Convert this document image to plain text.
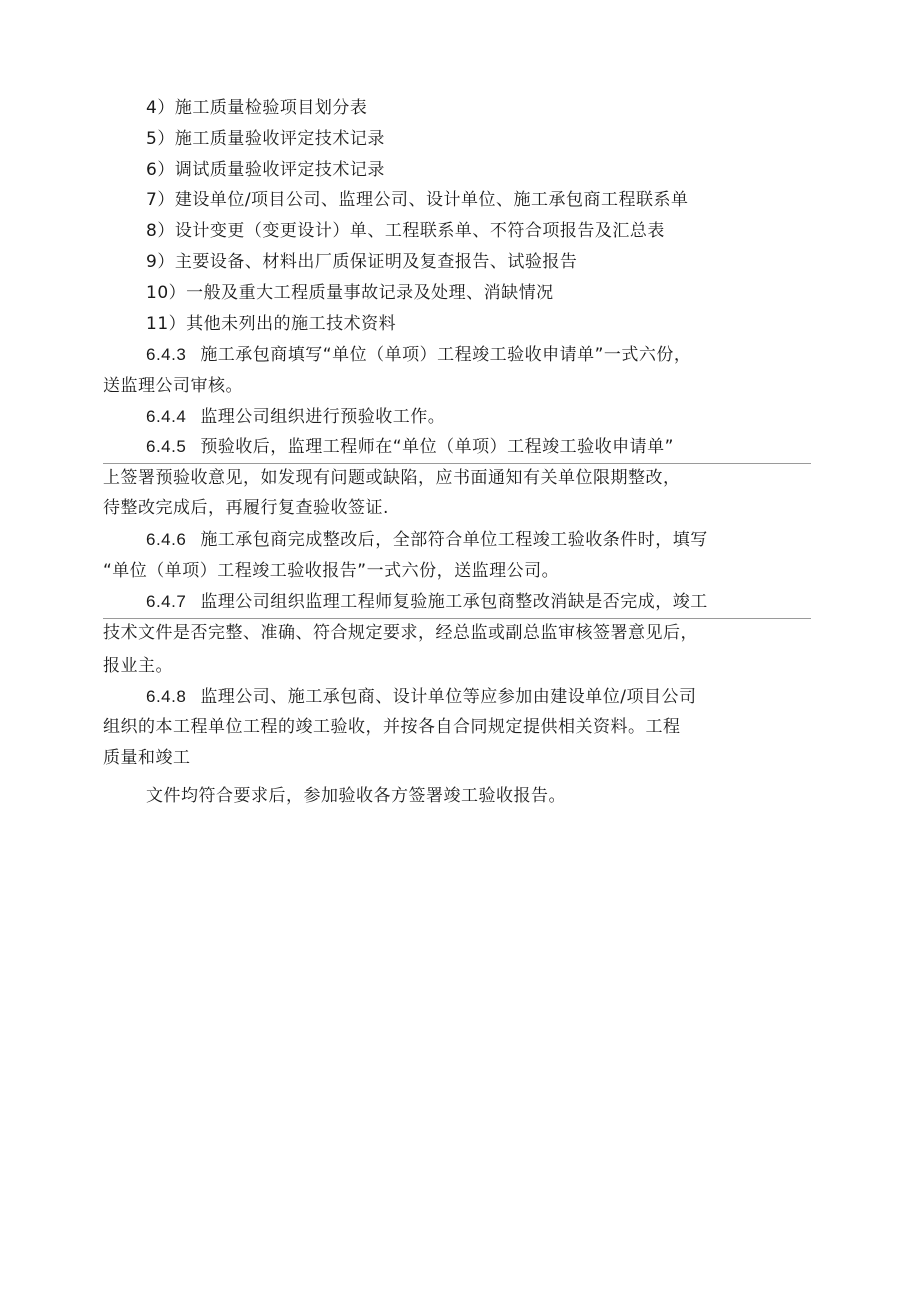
4）施工质量检验项目划分表
5）施工质量验收评定技术记录
6）调试质量验收评定技术记录
7）建设单位/项目公司、监理公司、设计单位、施工承包商工程联系单
8）设计变更（变更设计）单、工程联系单、不符合项报告及汇总表
9）主要设备、材料出厂质保证明及复查报告、试验报告
10）一般及重大工程质量事故记录及处理、消缺情况
11）其他未列出的施工技术资料
6.4.3 施工承包商填写“单位（单项）工程竣工验收申请单”一式六份，
送监理公司审核。
6.4.4 监理公司组织进行预验收工作。
6.4.5 预验收后，监理工程师在“单位（单项）工程竣工验收申请单”
上签署预验收意见，如发现有问题或缺陷，应书面通知有关单位限期整改，
待整改完成后，再履行复查验收签证.
6.4.6 施工承包商完成整改后，全部符合单位工程竣工验收条件时，填写
“单位（单项）工程竣工验收报告”一式六份，送监理公司。
6.4.7 监理公司组织监理工程师复验施工承包商整改消缺是否完成，竣工
技术文件是否完整、准确、符合规定要求，经总监或副总监审核签署意见后，
报业主。
6.4.8 监理公司、施工承包商、设计单位等应参加由建设单位/项目公司
组织的本工程单位工程的竣工验收，并按各自合同规定提供相关资料。工程
质量和竣工
文件均符合要求后，参加验收各方签署竣工验收报告。
